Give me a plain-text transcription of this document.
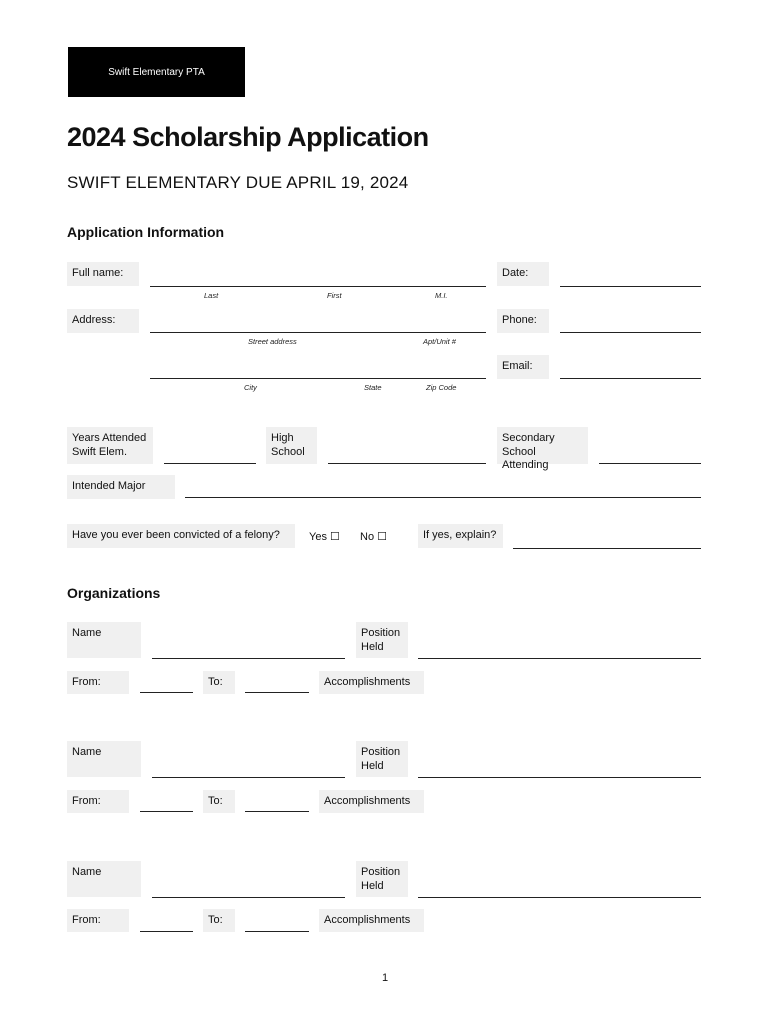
Swift Elementary PTA
2024 Scholarship Application
SWIFT ELEMENTARY DUE APRIL 19, 2024
Application Information
Full name:
Last	First	M.I.
Date:
Address:
Street address	Apt/Unit #
Phone:
City	State	Zip Code
Email:
Years Attended
Swift Elem.
High
School
Secondary
School Attending
Intended Major
Have you ever been convicted of a felony?	Yes ☐ No ☐	If yes, explain?
Organizations
Name	Position
Held
From:	To:	Accomplishments
Name	Position
Held
From:	To:	Accomplishments
Name	Position
Held
From:	To:	Accomplishments
1
